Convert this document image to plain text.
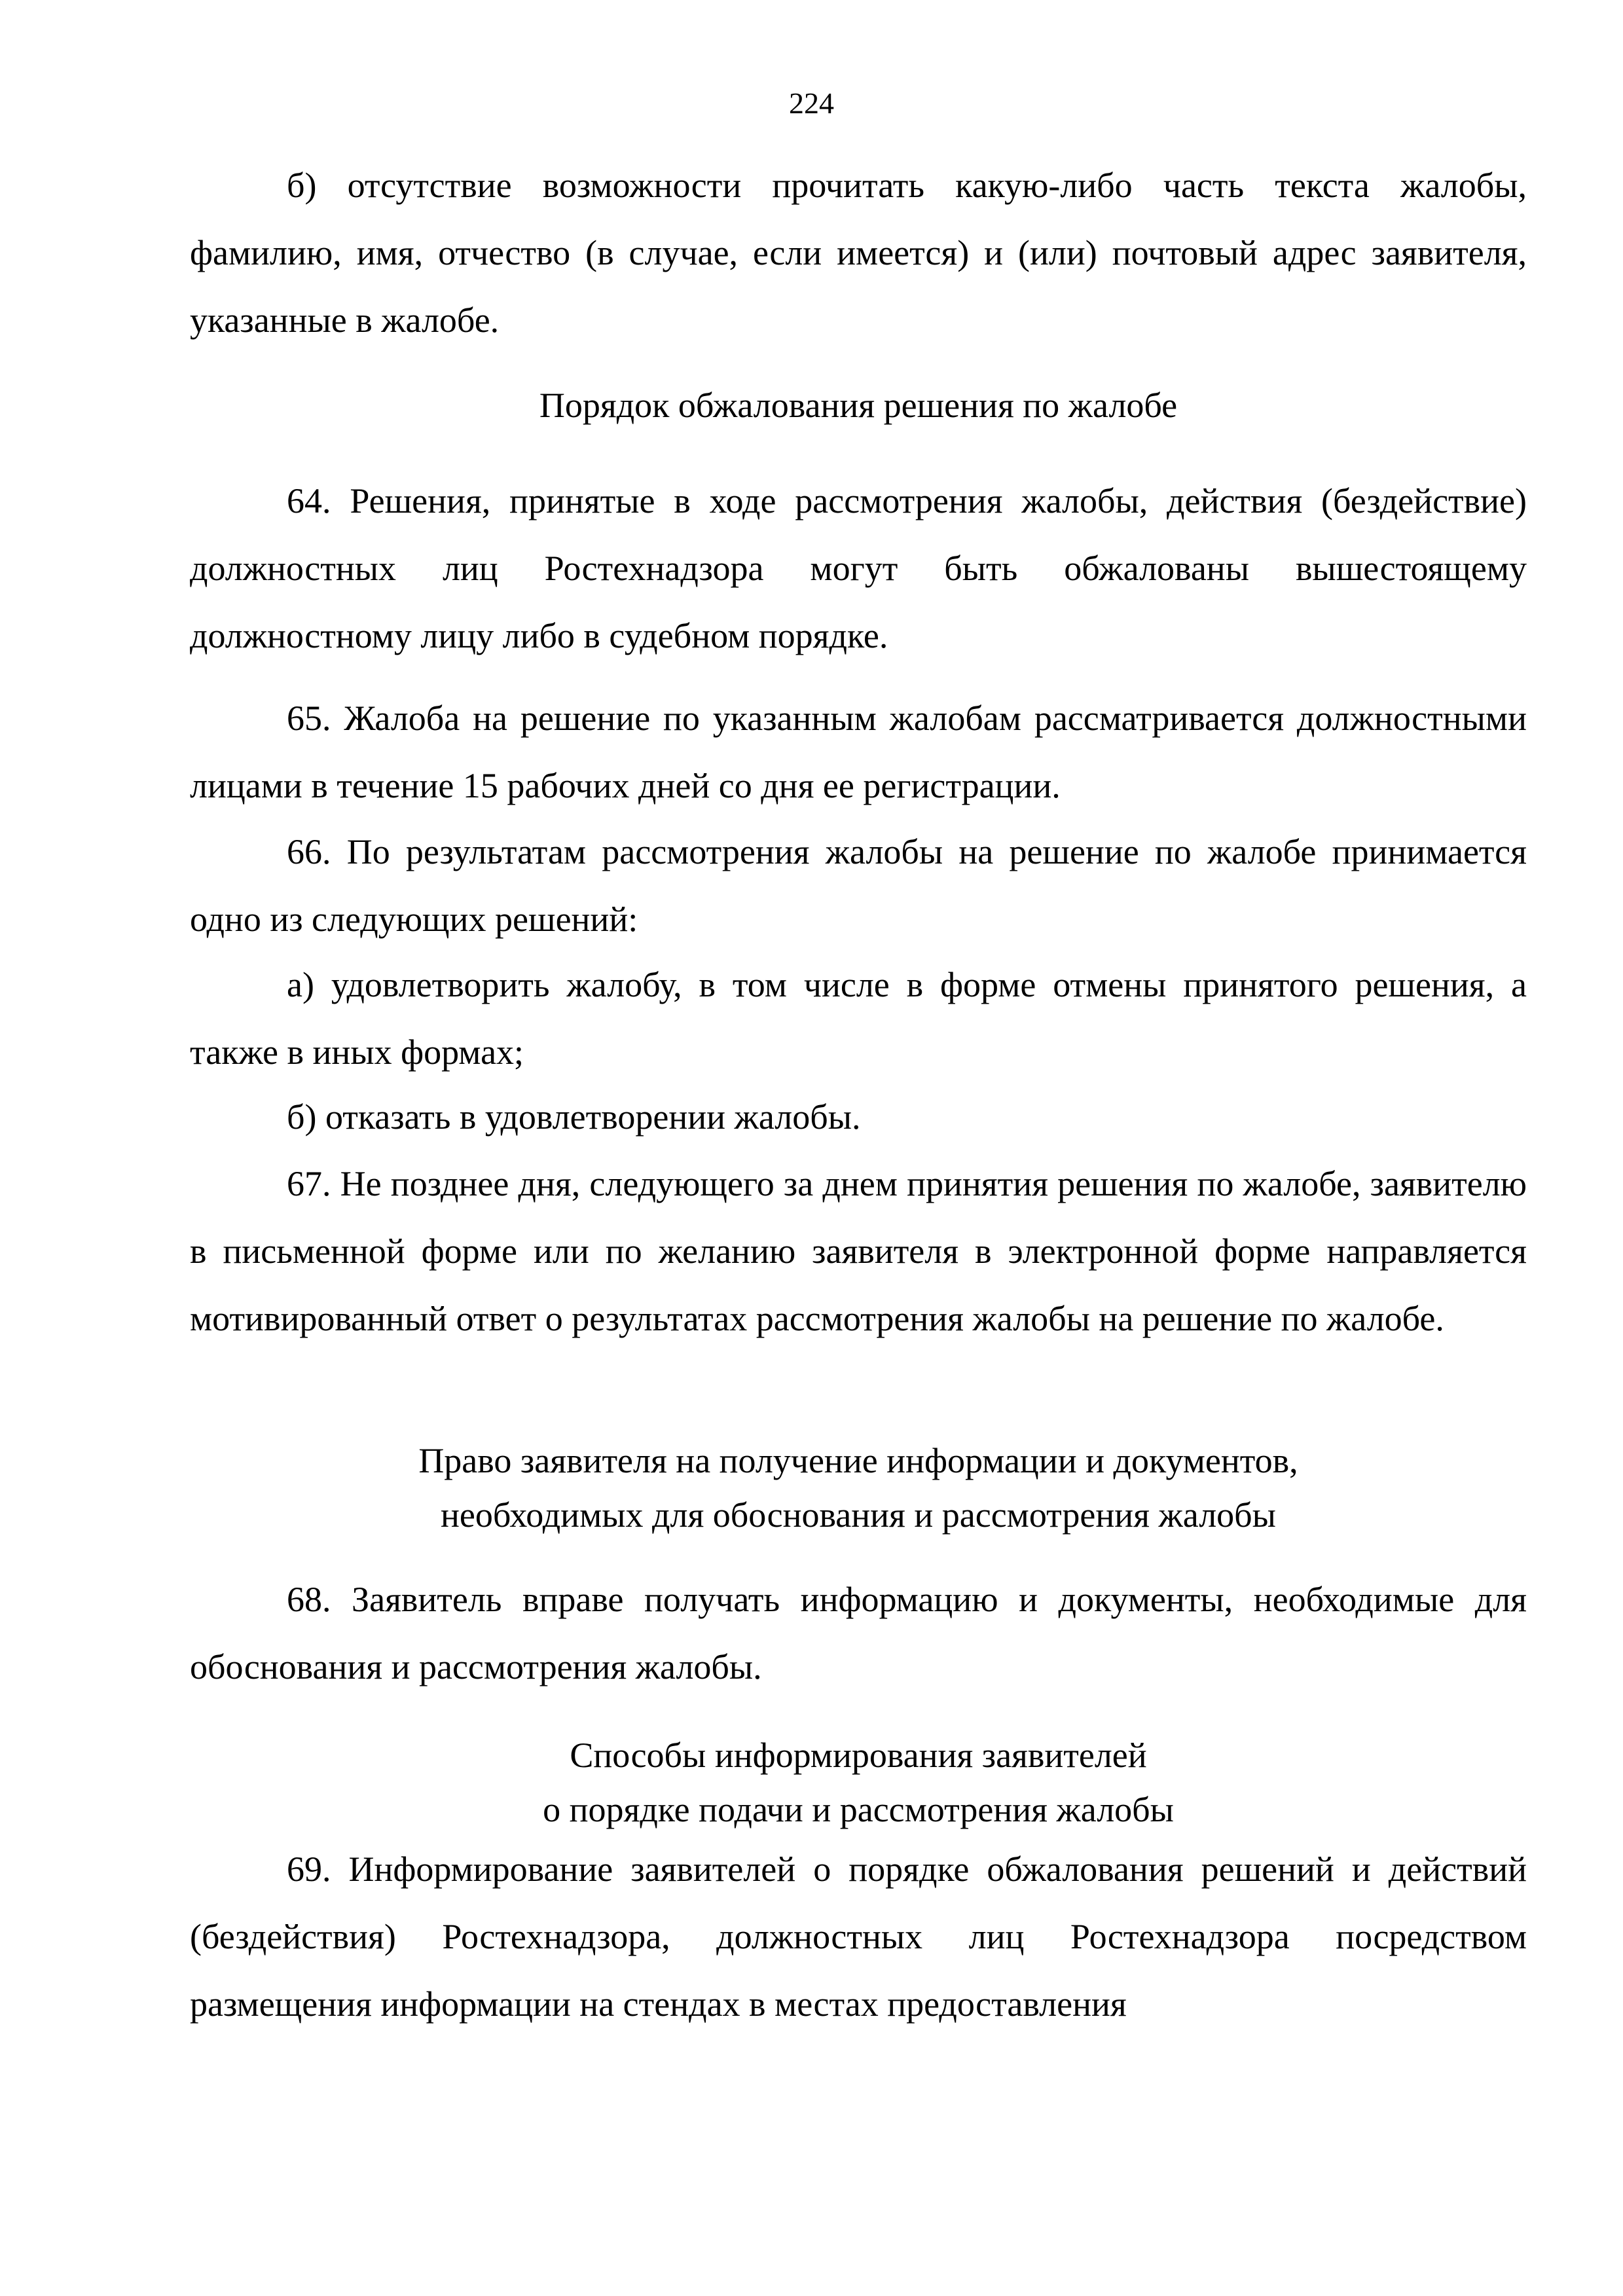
224

б) отсутствие возможности прочитать какую-либо часть текста жалобы, фамилию, имя, отчество (в случае, если имеется) и (или) почтовый адрес заявителя, указанные в жалобе.

Порядок обжалования решения по жалобе

64. Решения, принятые в ходе рассмотрения жалобы, действия (бездействие) должностных лиц Ростехнадзора могут быть обжалованы вышестоящему должностному лицу либо в судебном порядке.

65. Жалоба на решение по указанным жалобам рассматривается должностными лицами в течение 15 рабочих дней со дня ее регистрации.

66. По результатам рассмотрения жалобы на решение по жалобе принимается одно из следующих решений:

а) удовлетворить жалобу, в том числе в форме отмены принятого решения, а также в иных формах;

б) отказать в удовлетворении жалобы.

67. Не позднее дня, следующего за днем принятия решения по жалобе, заявителю в письменной форме или по желанию заявителя в электронной форме направляется мотивированный ответ о результатах рассмотрения жалобы на решение по жалобе.

Право заявителя на получение информации и документов,
необходимых для обоснования и рассмотрения жалобы

68. Заявитель вправе получать информацию и документы, необходимые для обоснования и рассмотрения жалобы.

Способы информирования заявителей
о порядке подачи и рассмотрения жалобы

69. Информирование заявителей о порядке обжалования решений и действий (бездействия) Ростехнадзора, должностных лиц Ростехнадзора посредством размещения информации на стендах в местах предоставления
